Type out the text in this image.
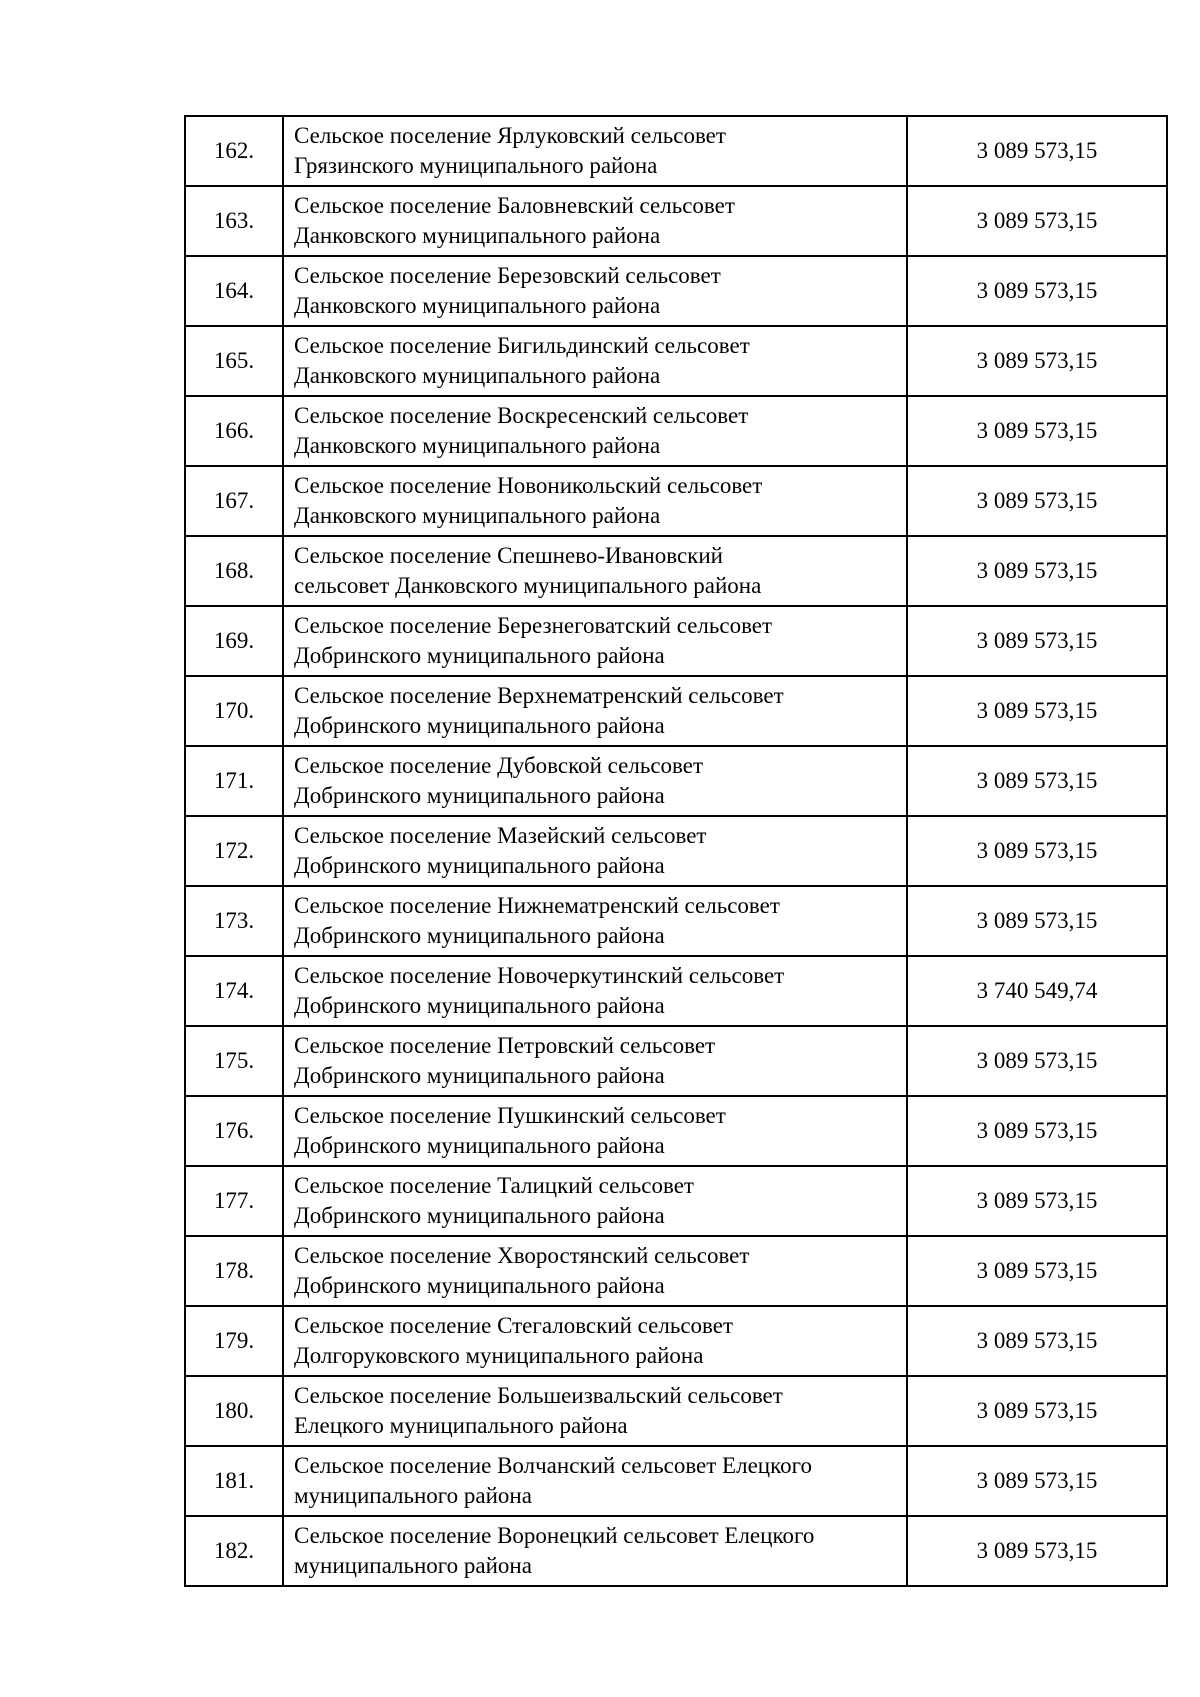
162.	Сельское поселение Ярлуковский сельсовет
Грязинского муниципального района	3 089 573,15
163.	Сельское поселение Баловневский сельсовет
Данковского муниципального района	3 089 573,15
164.	Сельское поселение Березовский сельсовет
Данковского муниципального района	3 089 573,15
165.	Сельское поселение Бигильдинский сельсовет
Данковского муниципального района	3 089 573,15
166.	Сельское поселение Воскресенский сельсовет
Данковского муниципального района	3 089 573,15
167.	Сельское поселение Новоникольский сельсовет
Данковского муниципального района	3 089 573,15
168.	Сельское поселение Спешнево-Ивановский
сельсовет Данковского муниципального района	3 089 573,15
169.	Сельское поселение Березнеговатский сельсовет
Добринского муниципального района	3 089 573,15
170.	Сельское поселение Верхнематренский сельсовет
Добринского муниципального района	3 089 573,15
171.	Сельское поселение Дубовской сельсовет
Добринского муниципального района	3 089 573,15
172.	Сельское поселение Мазейский сельсовет
Добринского муниципального района	3 089 573,15
173.	Сельское поселение Нижнематренский сельсовет
Добринского муниципального района	3 089 573,15
174.	Сельское поселение Новочеркутинский сельсовет
Добринского муниципального района	3 740 549,74
175.	Сельское поселение Петровский сельсовет
Добринского муниципального района	3 089 573,15
176.	Сельское поселение Пушкинский сельсовет
Добринского муниципального района	3 089 573,15
177.	Сельское поселение Талицкий сельсовет
Добринского муниципального района	3 089 573,15
178.	Сельское поселение Хворостянский сельсовет
Добринского муниципального района	3 089 573,15
179.	Сельское поселение Стегаловский сельсовет
Долгоруковского муниципального района	3 089 573,15
180.	Сельское поселение Большеизвальский сельсовет
Елецкого муниципального района	3 089 573,15
181.	Сельское поселение Волчанский сельсовет Елецкого
муниципального района	3 089 573,15
182.	Сельское поселение Воронецкий сельсовет Елецкого
муниципального района	3 089 573,15
